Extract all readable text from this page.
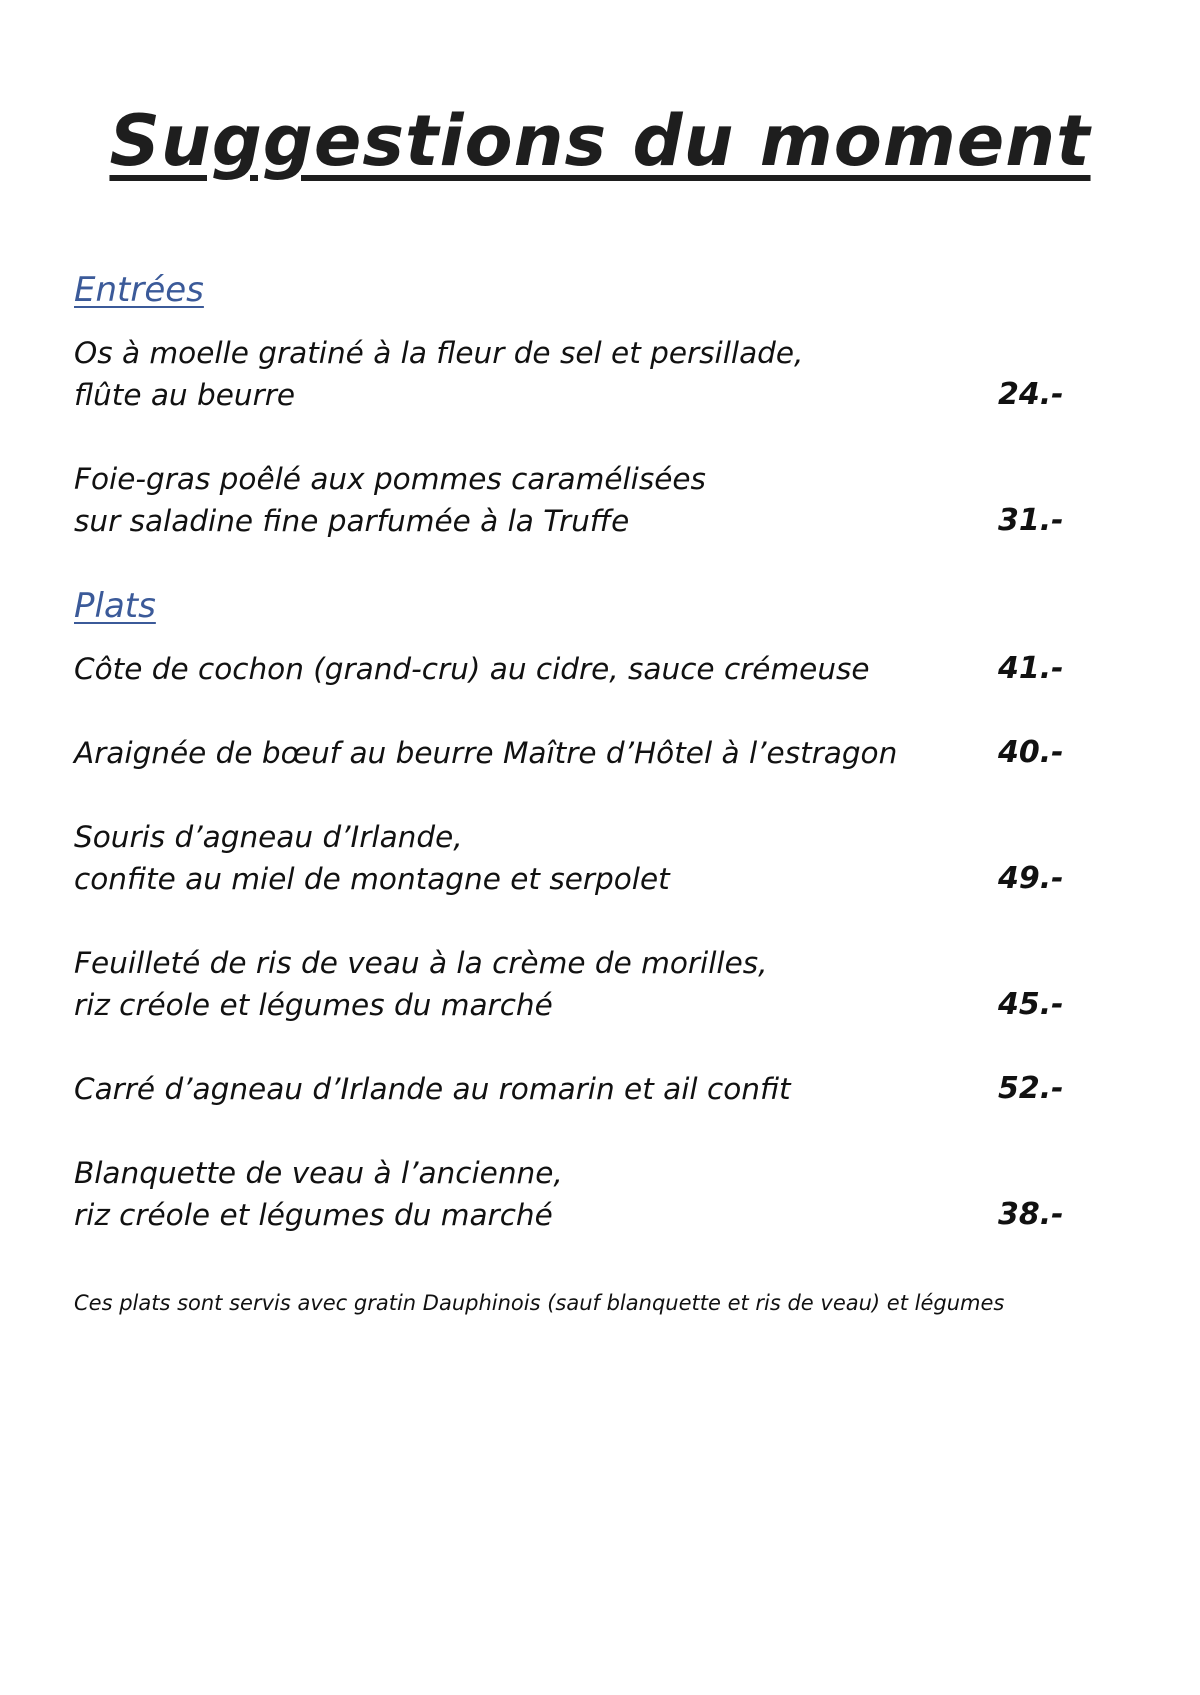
Suggestions du moment
Entrées
Os à moelle gratiné à la fleur de sel et persillade,
flûte au beurre	24.-
Foie-gras poêlé aux pommes caramélisées
sur saladine fine parfumée à la Truffe	31.-
Plats
Côte de cochon (grand-cru) au cidre, sauce crémeuse	41.-
Araignée de bœuf au beurre Maître d’Hôtel à l’estragon	40.-
Souris d’agneau d’Irlande,
confite au miel de montagne et serpolet	49.-
Feuilleté de ris de veau à la crème de morilles,
riz créole et légumes du marché	45.-
Carré d’agneau d’Irlande au romarin et ail confit	52.-
Blanquette de veau à l’ancienne,
riz créole et légumes du marché	38.-
Ces plats sont servis avec gratin Dauphinois (sauf blanquette et ris de veau) et légumes
